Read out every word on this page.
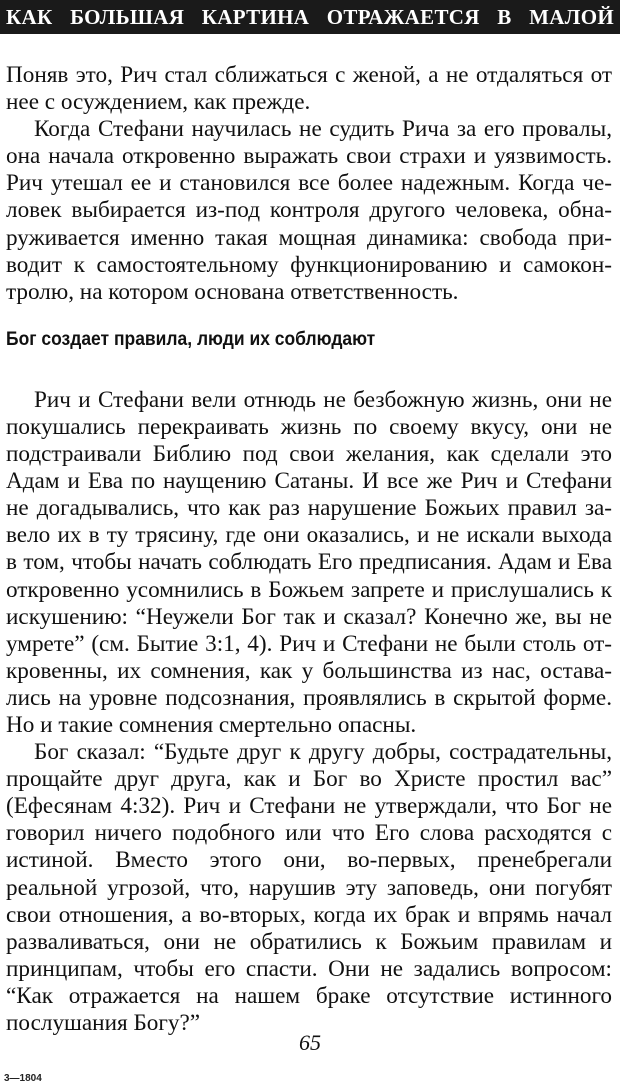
КАК БОЛЬШАЯ КАРТИНА ОТРАЖАЕТСЯ В МАЛОЙ

Поняв это, Рич стал сближаться с женой, а не отдаляться от нее с осуждением, как прежде.

Когда Стефани научилась не судить Рича за его провалы, она начала откровенно выражать свои страхи и уязвимость. Рич утешал ее и становился все более надежным. Когда человек выбирается из-под контроля другого человека, обнаруживается именно такая мощная динамика: свобода приводит к самостоятельному функционированию и самоконтролю, на котором основана ответственность.

Бог создает правила, люди их соблюдают

Рич и Стефани вели отнюдь не безбожную жизнь, они не покушались перекраивать жизнь по своему вкусу, они не подстраивали Библию под свои желания, как сделали это Адам и Ева по наущению Сатаны. И все же Рич и Стефани не догадывались, что как раз нарушение Божьих правил завело их в ту трясину, где они оказались, и не искали выхода в том, чтобы начать соблюдать Его предписания. Адам и Ева откровенно усомнились в Божьем запрете и прислушались к искушению: “Неужели Бог так и сказал? Конечно же, вы не умрете” (см. Бытие 3:1, 4). Рич и Стефани не были столь откровенны, их сомнения, как у большинства из нас, оставались на уровне подсознания, проявлялись в скрытой форме. Но и такие сомнения смертельно опасны.

Бог сказал: “Будьте друг к другу добры, сострадательны, прощайте друг друга, как и Бог во Христе простил вас” (Ефесянам 4:32). Рич и Стефани не утверждали, что Бог не говорил ничего подобного или что Его слова расходятся с истиной. Вместо этого они, во-первых, пренебрегали реальной угрозой, что, нарушив эту заповедь, они погубят свои отношения, а во-вторых, когда их брак и впрямь начал разваливаться, они не обратились к Божьим правилам и принципам, чтобы его спасти. Они не задались вопросом: “Как отражается на нашем браке отсутствие истинного послушания Богу?”

65
3—1804
